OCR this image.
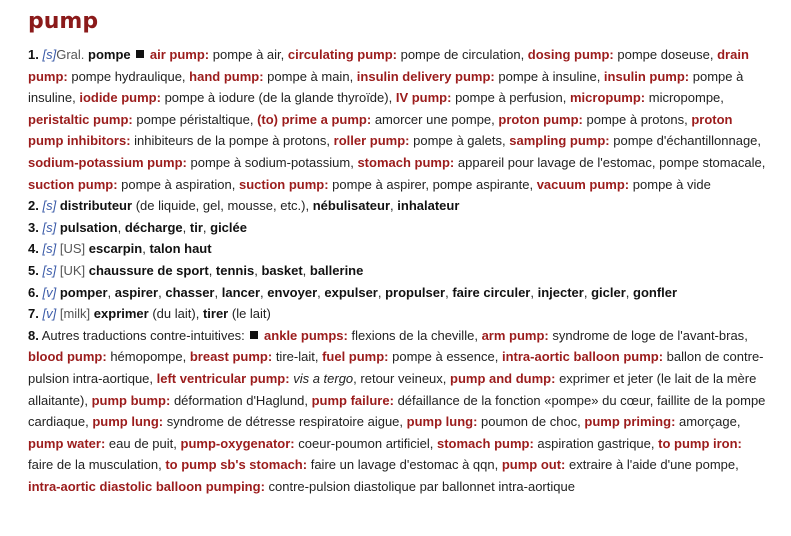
pump
1. [s]Gral. pompe air pump: pompe à air, circulating pump: pompe de circulation, dosing pump: pompe doseuse, drain pump: pompe hydraulique, hand pump: pompe à main, insulin delivery pump: pompe à insuline, insulin pump: pompe à insuline, iodide pump: pompe à iodure (de la glande thyroïde), IV pump: pompe à perfusion, micropump: micropompe, peristaltic pump: pompe péristaltique, (to) prime a pump: amorcer une pompe, proton pump: pompe à protons, proton pump inhibitors: inhibiteurs de la pompe à protons, roller pump: pompe à galets, sampling pump: pompe d'échantillonnage, sodium-potassium pump: pompe à sodium-potassium, stomach pump: appareil pour lavage de l'estomac, pompe stomacale, suction pump: pompe à aspiration, suction pump: pompe à aspirer, pompe aspirante, vacuum pump: pompe à vide
2. [s] distributeur (de liquide, gel, mousse, etc.), nébulisateur, inhalateur
3. [s] pulsation, décharge, tir, giclée
4. [s] [US] escarpin, talon haut
5. [s] [UK] chaussure de sport, tennis, basket, ballerine
6. [v] pomper, aspirer, chasser, lancer, envoyer, expulser, propulser, faire circuler, injecter, gicler, gonfler
7. [v] [milk] exprimer (du lait), tirer (le lait)
8. Autres traductions contre-intuitives: ankle pumps: flexions de la cheville, arm pump: syndrome de loge de l'avant-bras, blood pump: hémopompe, breast pump: tire-lait, fuel pump: pompe à essence, intra-aortic balloon pump: ballon de contre-pulsion intra-aortique, left ventricular pump: vis a tergo, retour veineux, pump and dump: exprimer et jeter (le lait de la mère allaitante), pump bump: déformation d'Haglund, pump failure: défaillance de la fonction «pompe» du cœur, faillite de la pompe cardiaque, pump lung: syndrome de détresse respiratoire aigue, pump lung: poumon de choc, pump priming: amorçage, pump water: eau de puit, pump-oxygenator: coeur-poumon artificiel, stomach pump: aspiration gastrique, to pump iron: faire de la musculation, to pump sb's stomach: faire un lavage d'estomac à qqn, pump out: extraire à l'aide d'une pompe, intra-aortic diastolic balloon pumping: contre-pulsion diastolique par ballonnet intra-aortique
